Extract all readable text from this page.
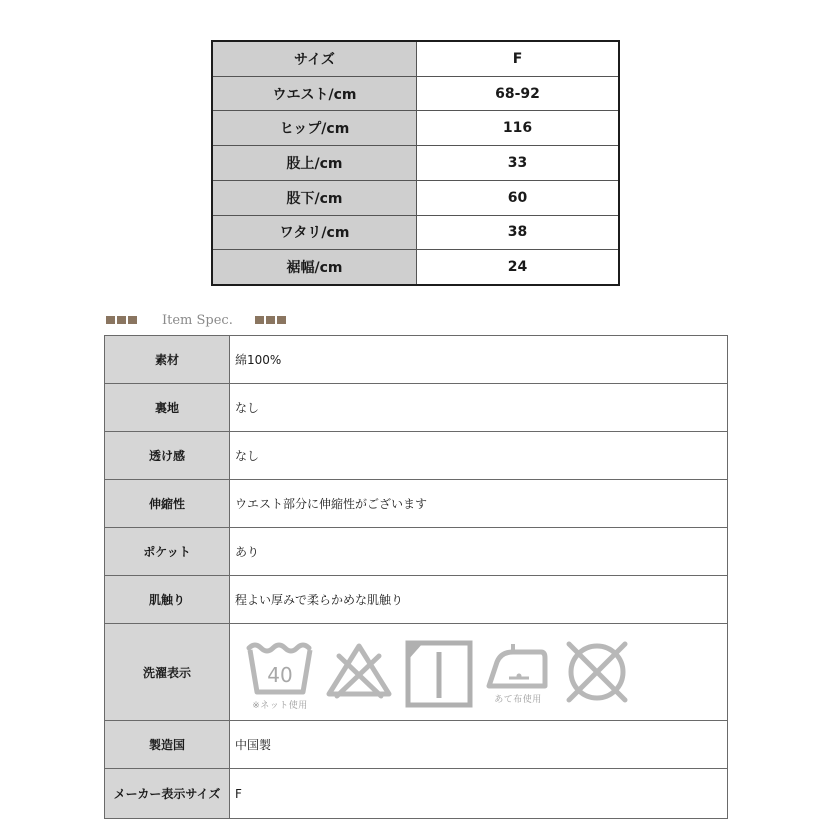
サイズ	F
ウエスト/cm	68-92
ヒップ/cm	116
股上/cm	33
股下/cm	60
ワタリ/cm	38
裾幅/cm	24
Item Spec.
素材	綿100%
裏地	なし
透け感	なし
伸縮性	ウエスト部分に伸縮性がございます
ポケット	あり
肌触り	程よい厚みで柔らかめな肌触り
洗濯表示	40
※ネット使用
あて布使用

製造国	中国製
メーカー表示サイズ	F
